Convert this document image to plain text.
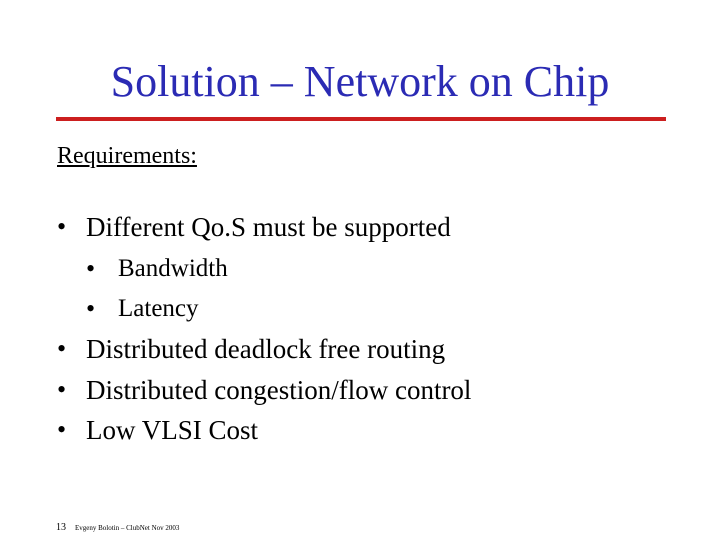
Solution – Network on Chip
Requirements:
• Different Qo.S must be supported
• Bandwidth
• Latency
• Distributed deadlock free routing
• Distributed congestion/flow control
• Low VLSI Cost
13 Evgeny Bolotin – ClubNet Nov 2003
